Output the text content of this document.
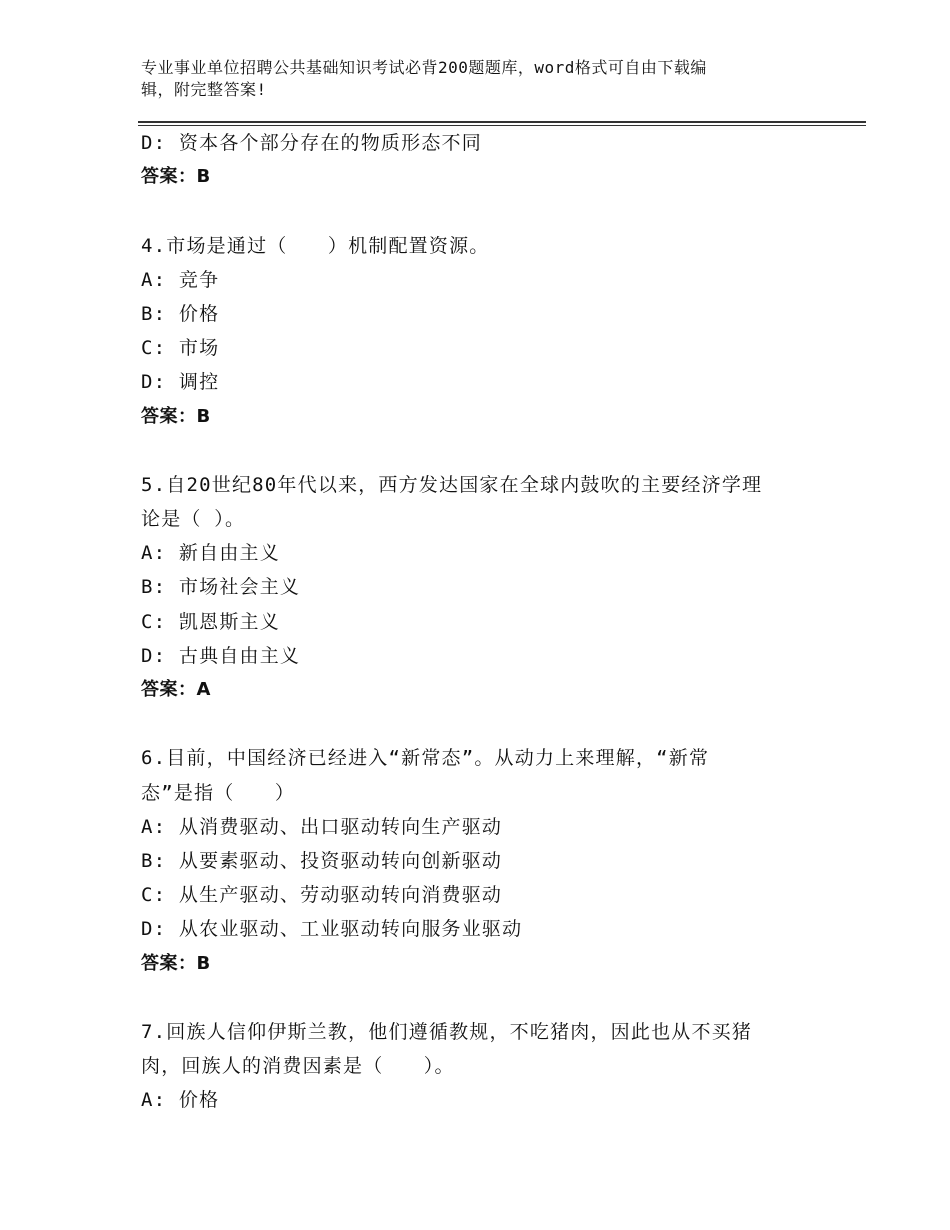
专业事业单位招聘公共基础知识考试必背200题题库，word格式可自由下载编
辑，附完整答案!
D: 资本各个部分存在的物质形态不同
答案：B
4.市场是通过（　　）机制配置资源。
A: 竞争
B: 价格
C: 市场
D: 调控
答案：B
5.自20世纪80年代以来，西方发达国家在全球内鼓吹的主要经济学理
论是（ ）。
A: 新自由主义
B: 市场社会主义
C: 凯恩斯主义
D: 古典自由主义
答案：A
6.目前，中国经济已经进入“新常态”。从动力上来理解，“新常
态”是指（　　）
A: 从消费驱动、出口驱动转向生产驱动
B: 从要素驱动、投资驱动转向创新驱动
C: 从生产驱动、劳动驱动转向消费驱动
D: 从农业驱动、工业驱动转向服务业驱动
答案：B
7.回族人信仰伊斯兰教，他们遵循教规，不吃猪肉，因此也从不买猪
肉，回族人的消费因素是（　　）。
A: 价格
